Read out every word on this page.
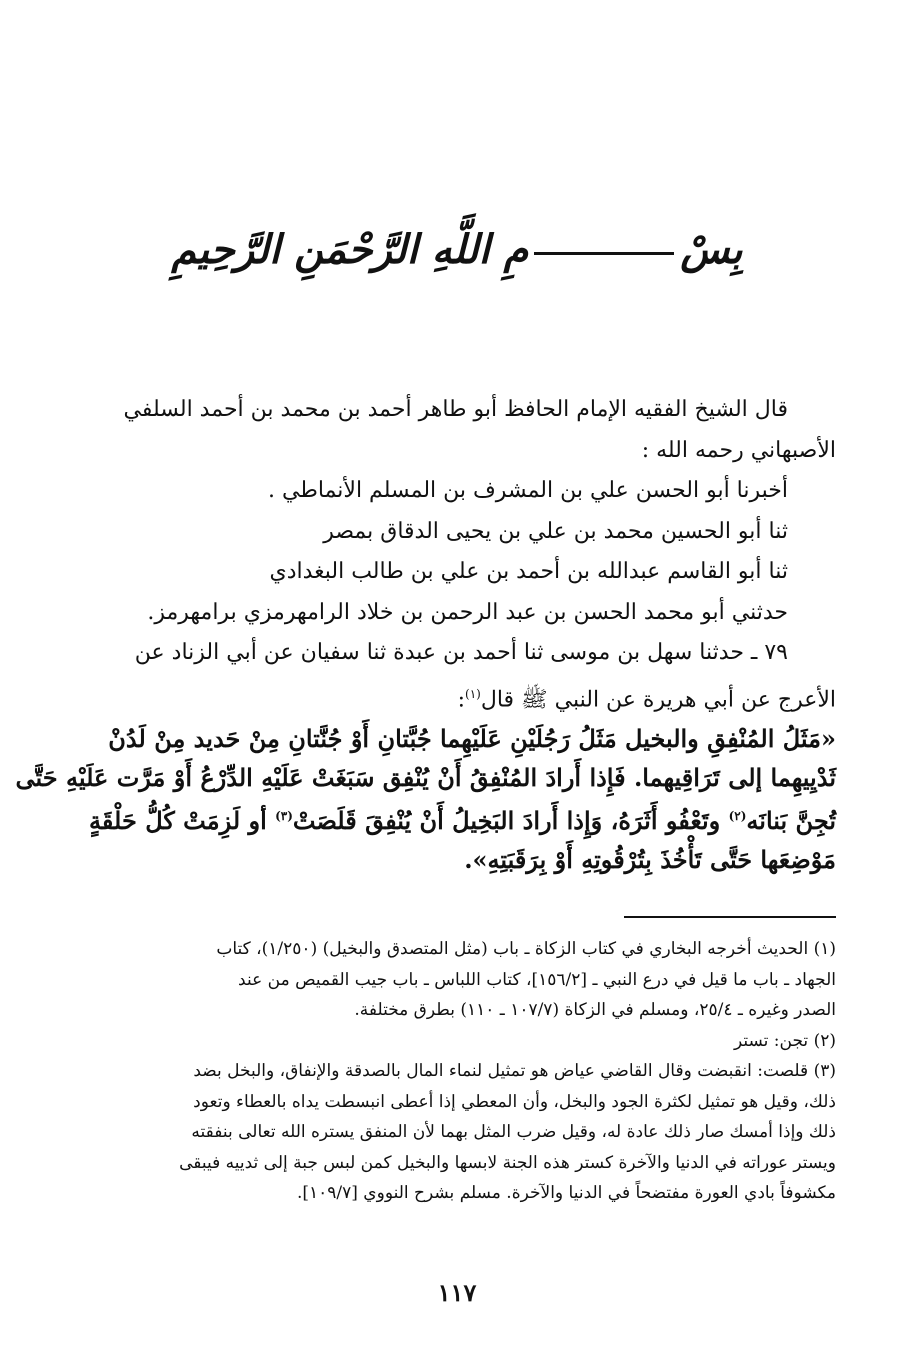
بِسْمِ اللَّهِ الرَّحْمَنِ الرَّحِيمِ
قال الشيخ الفقيه الإمام الحافظ أبو طاهر أحمد بن محمد بن أحمد السلفي
الأصبهاني رحمه الله :
أخبرنا أبو الحسن علي بن المشرف بن المسلم الأنماطي .
ثنا أبو الحسين محمد بن علي بن يحيى الدقاق بمصر
ثنا أبو القاسم عبدالله بن أحمد بن علي بن طالب البغدادي
حدثني أبو محمد الحسن بن عبد الرحمن بن خلاد الرامهرمزي برامهرمز.
٧٩ ـ حدثنا سهل بن موسى ثنا أحمد بن عبدة ثنا سفيان عن أبي الزناد عن
الأعرج عن أبي هريرة عن النبي ﷺ قال$^{(١)}$:
«مَثَلُ المُنْفِقِ والبخيل مَثَلُ رَجُلَيْنِ عَلَيْهِما جُبَّتانِ أَوْ جُنَّتانِ مِنْ حَديد مِنْ لَدُنْ
ثَدْيِيهِما إلى تَرَاقِيهما. فَإِذا أَرادَ المُنْفِقُ أَنْ يُنْفِق سَبَغَتْ عَلَيْهِ الدِّرْعُ أَوْ مَرَّت عَلَيْهِ حَتَّى
تُجِنَّ بَنانَه$^{(٢)}$ وتَعْفُو أَثَرَهُ، وَإِذا أَرادَ البَخِيلُ أَنْ يُنْفِقَ قَلَصَتْ$^{(٣)}$ أو لَزِمَتْ كُلُّ حَلْقَةٍ
مَوْضِعَها حَتَّى تَأْخُذَ بِتُرْقُوتِهِ أَوْ بِرَقَبَتِهِ».
(١) الحديث أخرجه البخاري في كتاب الزكاة ـ باب (مثل المتصدق والبخيل) (١/٢٥٠)، كتاب
الجهاد ـ باب ما قيل في درع النبي ـ [١٥٦/٢]، كتاب اللباس ـ باب جيب القميص من عند
الصدر وغيره ـ ٢٥/٤، ومسلم في الزكاة (١٠٧/٧ ـ ١١٠) بطرق مختلفة.
(٢) تجن: تستر
(٣) قلصت: انقبضت وقال القاضي عياض هو تمثيل لنماء المال بالصدقة والإنفاق، والبخل بضد
ذلك، وقيل هو تمثيل لكثرة الجود والبخل، وأن المعطي إذا أعطى انبسطت يداه بالعطاء وتعود
ذلك وإذا أمسك صار ذلك عادة له، وقيل ضرب المثل بهما لأن المنفق يستره الله تعالى بنفقته
ويستر عوراته في الدنيا والآخرة كستر هذه الجنة لابسها والبخيل كمن لبس جبة إلى ثدييه فيبقى
مكشوفاً بادي العورة مفتضحاً في الدنيا والآخرة. مسلم بشرح النووي [١٠٩/٧].
١١٧
